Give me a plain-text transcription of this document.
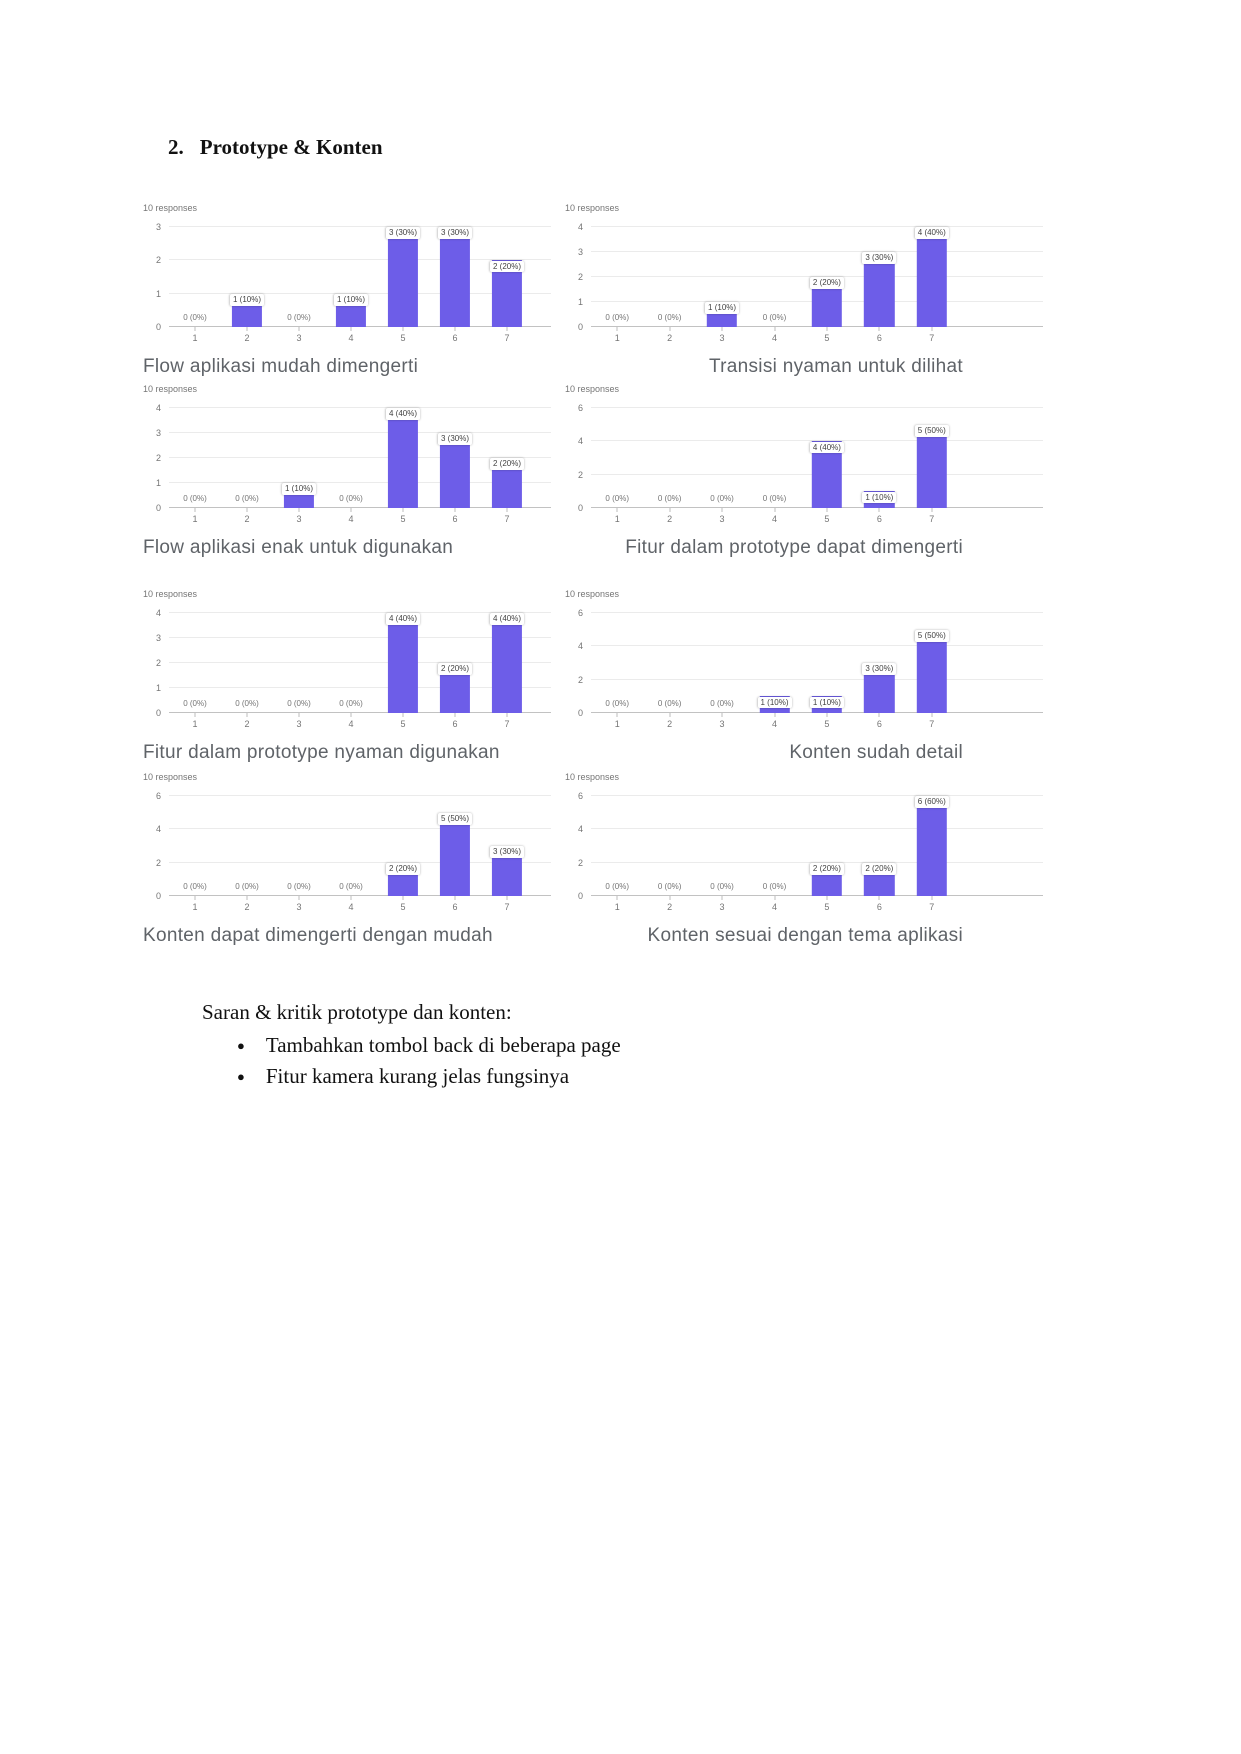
2. Prototype & Konten
10 responses
0
1
2
3
0 (0%)
1 (10%)
0 (0%)
1 (10%)
3 (30%)	3 (30%)
2 (20%)
1	2	3	4	5	6	7
Flow aplikasi mudah dimengerti
10 responses
0
1
2
3
4
0 (0%)	0 (0%)
1 (10%)
0 (0%)
2 (20%)
3 (30%)
4 (40%)
1	2	3	4	5	6	7
Transisi nyaman untuk dilihat
10 responses
0
1
2
3
4
0 (0%)	0 (0%)
1 (10%)
0 (0%)
4 (40%)
3 (30%)
2 (20%)
1	2	3	4	5	6	7
Flow aplikasi enak untuk digunakan
10 responses
0
2
4
6
0 (0%)	0 (0%)	0 (0%)	0 (0%)
4 (40%)
1 (10%)
5 (50%)
1	2	3	4	5	6	7
Fitur dalam prototype dapat dimengerti
10 responses
0
1
2
3
4
0 (0%)	0 (0%)	0 (0%)	0 (0%)
4 (40%)
2 (20%)
4 (40%)
1	2	3	4	5	6	7
Fitur dalam prototype nyaman digunakan
10 responses
0
2
4
6
0 (0%)	0 (0%)	0 (0%)	1 (10%)	1 (10%)
3 (30%)
5 (50%)
1	2	3	4	5	6	7
Konten sudah detail
10 responses
0
2
4
6
0 (0%)	0 (0%)	0 (0%)	0 (0%)
2 (20%)
5 (50%)
3 (30%)
1	2	3	4	5	6	7
Konten dapat dimengerti dengan mudah
10 responses
0
2
4
6
0 (0%)	0 (0%)	0 (0%)	0 (0%)
2 (20%)	2 (20%)
6 (60%)
1	2	3	4	5	6	7
Konten sesuai dengan tema aplikasi
Saran & kritik prototype dan konten:
● Tambahkan tombol back di beberapa page
● Fitur kamera kurang jelas fungsinya
